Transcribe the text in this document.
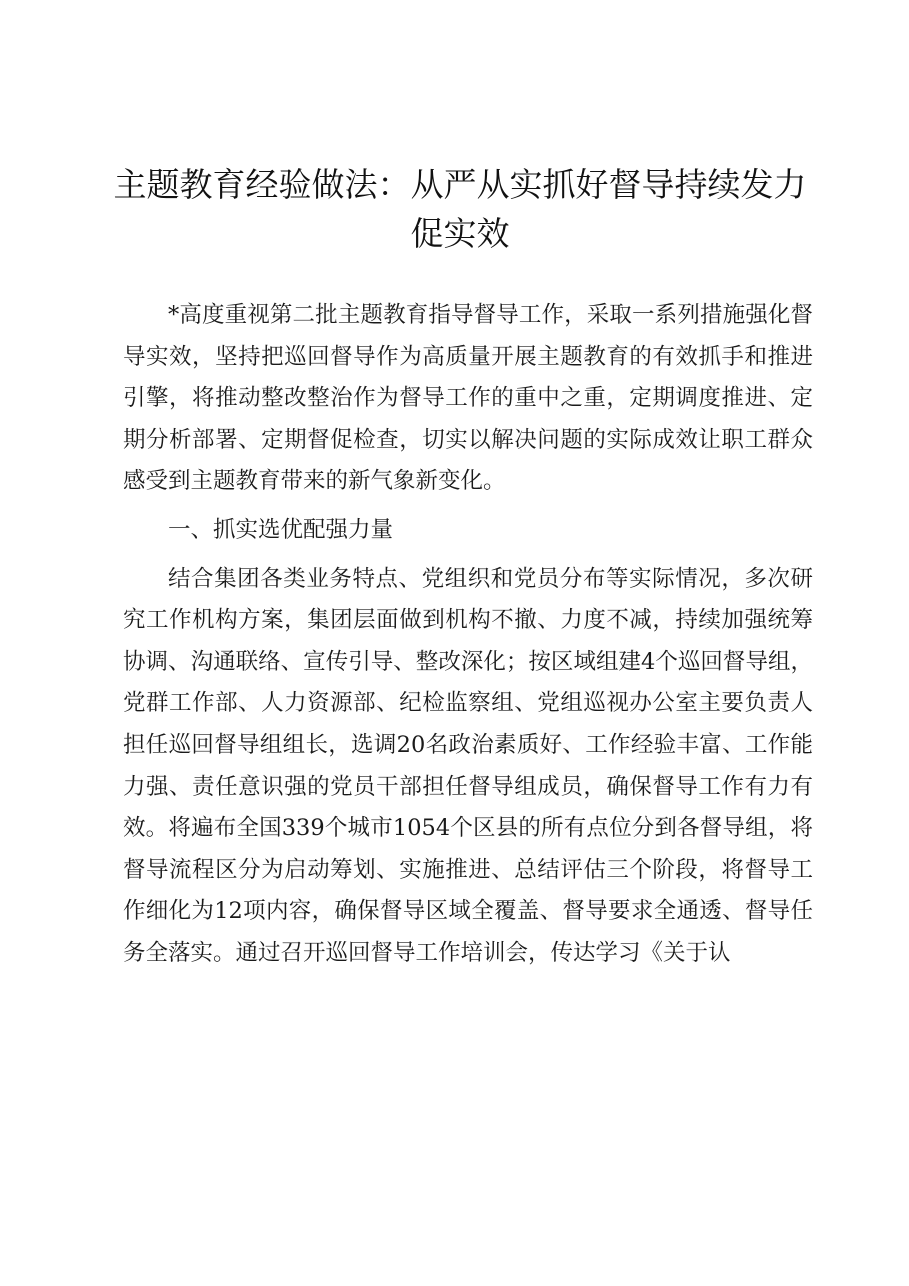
主题教育经验做法：从严从实抓好督导持续发力促实效

*高度重视第二批主题教育指导督导工作，采取一系列措施强化督导实效，坚持把巡回督导作为高质量开展主题教育的有效抓手和推进引擎，将推动整改整治作为督导工作的重中之重，定期调度推进、定期分析部署、定期督促检查，切实以解决问题的实际成效让职工群众感受到主题教育带来的新气象新变化。

一、抓实选优配强力量

结合集团各类业务特点、党组织和党员分布等实际情况，多次研究工作机构方案，集团层面做到机构不撤、力度不减，持续加强统筹协调、沟通联络、宣传引导、整改深化；按区域组建4个巡回督导组，党群工作部、人力资源部、纪检监察组、党组巡视办公室主要负责人担任巡回督导组组长，选调20名政治素质好、工作经验丰富、工作能力强、责任意识强的党员干部担任督导组成员，确保督导工作有力有效。将遍布全国339个城市1054个区县的所有点位分到各督导组，将督导流程区分为启动筹划、实施推进、总结评估三个阶段，将督导工作细化为12项内容，确保督导区域全覆盖、督导要求全通透、督导任务全落实。通过召开巡回督导工作培训会，传达学习《关于认
